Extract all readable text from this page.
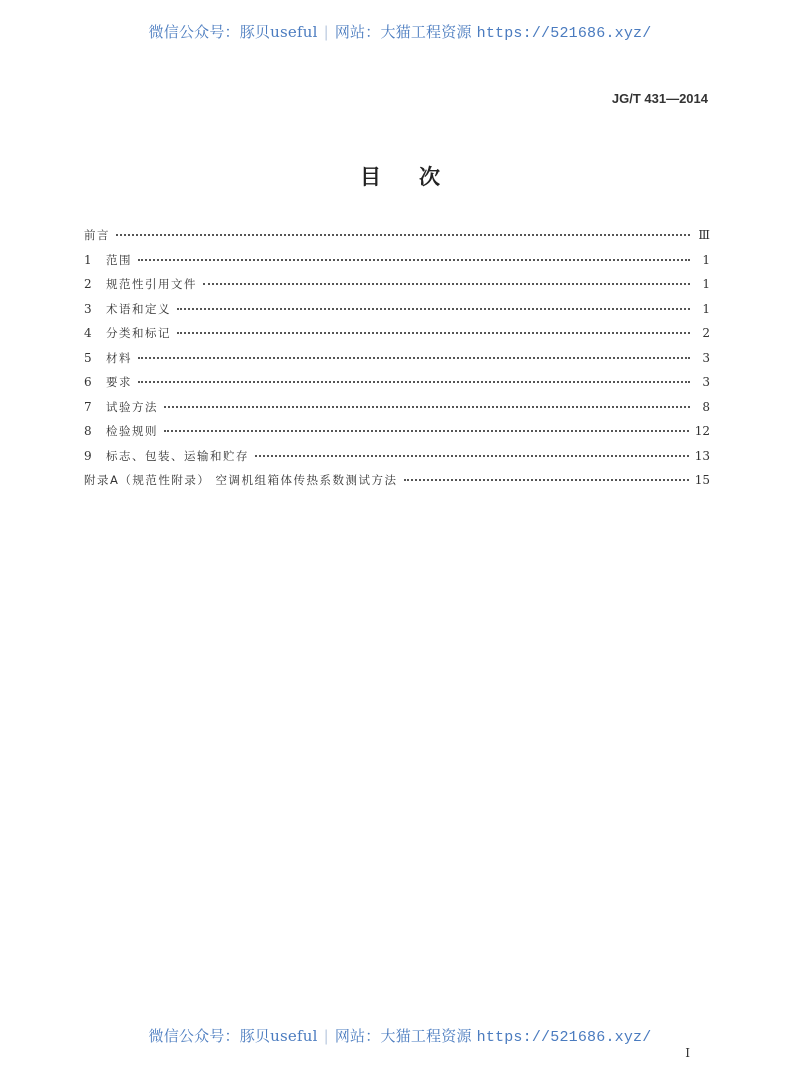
微信公众号：豚贝useful | 网站：大猫工程资源 https://521686.xyz/
JG/T 431—2014
目次
前言	Ⅲ
1	范围	1
2	规范性引用文件	1
3	术语和定义	1
4	分类和标记	2
5	材料	3
6	要求	3
7	试验方法	8
8	检验规则	12
9	标志、包装、运输和贮存	13
附录A（规范性附录） 空调机组箱体传热系数测试方法	15
微信公众号：豚贝useful | 网站：大猫工程资源 https://521686.xyz/
I
